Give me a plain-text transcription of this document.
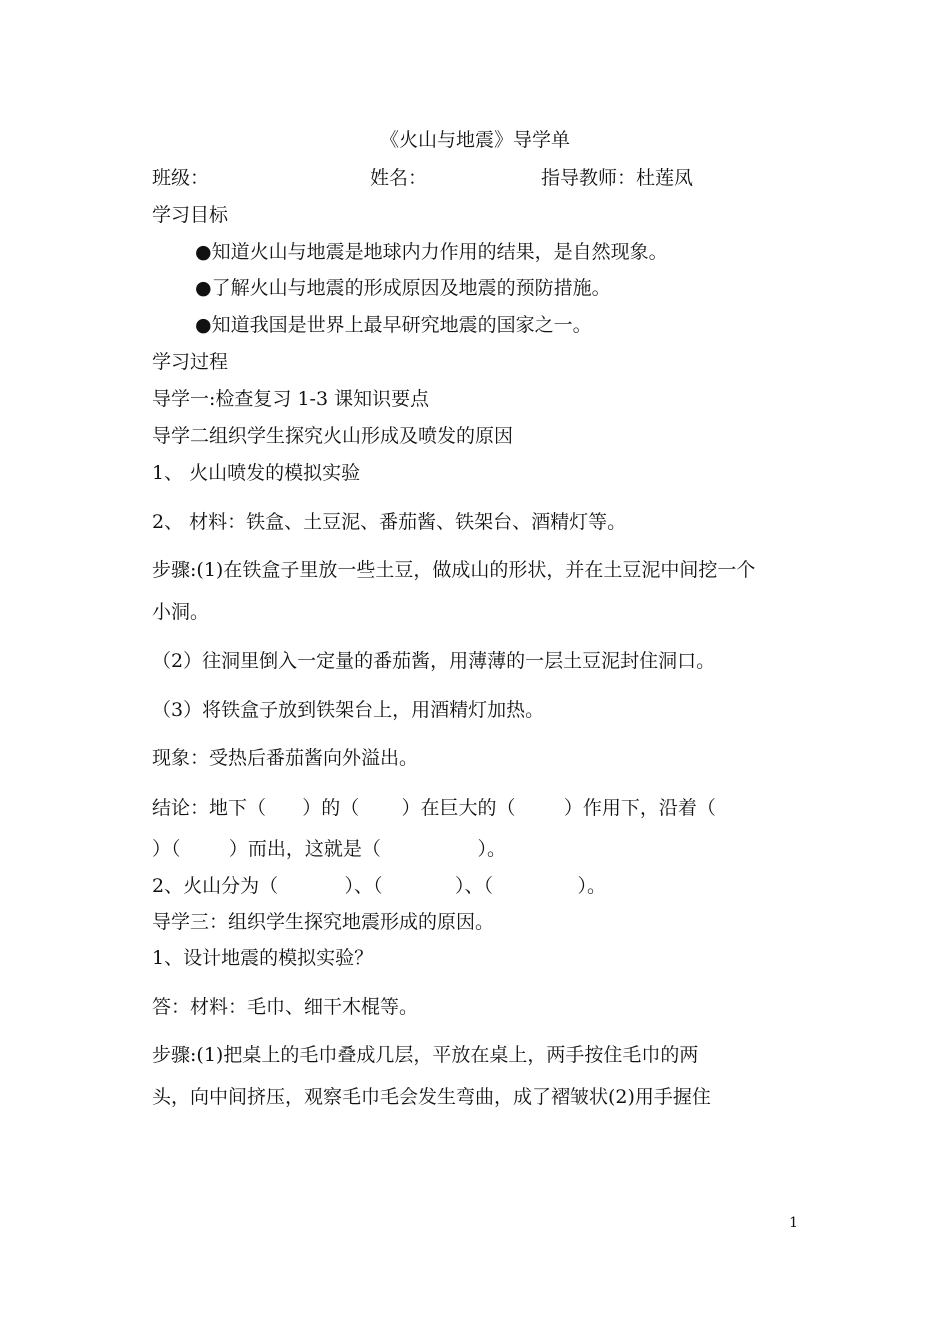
《火山与地震》导学单
班级：	姓名：	指导教师：杜莲凤
学习目标
●知道火山与地震是地球内力作用的结果，是自然现象。
●了解火山与地震的形成原因及地震的预防措施。
●知道我国是世界上最早研究地震的国家之一。
学习过程
导学一:检查复习 1-3 课知识要点
导学二组织学生探究火山形成及喷发的原因
1、 火山喷发的模拟实验
2、 材料：铁盒、土豆泥、番茄酱、铁架台、酒精灯等。
步骤:(1)在铁盒子里放一些土豆，做成山的形状，并在土豆泥中间挖一个
小洞。
（2）往洞里倒入一定量的番茄酱，用薄薄的一层土豆泥封住洞口。
（3）将铁盒子放到铁架台上，用酒精灯加热。
现象：受热后番茄酱向外溢出。
结论：地下（      ）的（       ）在巨大的（        ）作用下，沿着（
）（        ）而出，这就是（                ）。
2、火山分为（           ）、（            ）、（              ）。
导学三：组织学生探究地震形成的原因。
1、设计地震的模拟实验？
答：材料：毛巾、细干木棍等。
步骤:(1)把桌上的毛巾叠成几层，平放在桌上，两手按住毛巾的两
头，向中间挤压，观察毛巾毛会发生弯曲，成了褶皱状(2)用手握住
1
